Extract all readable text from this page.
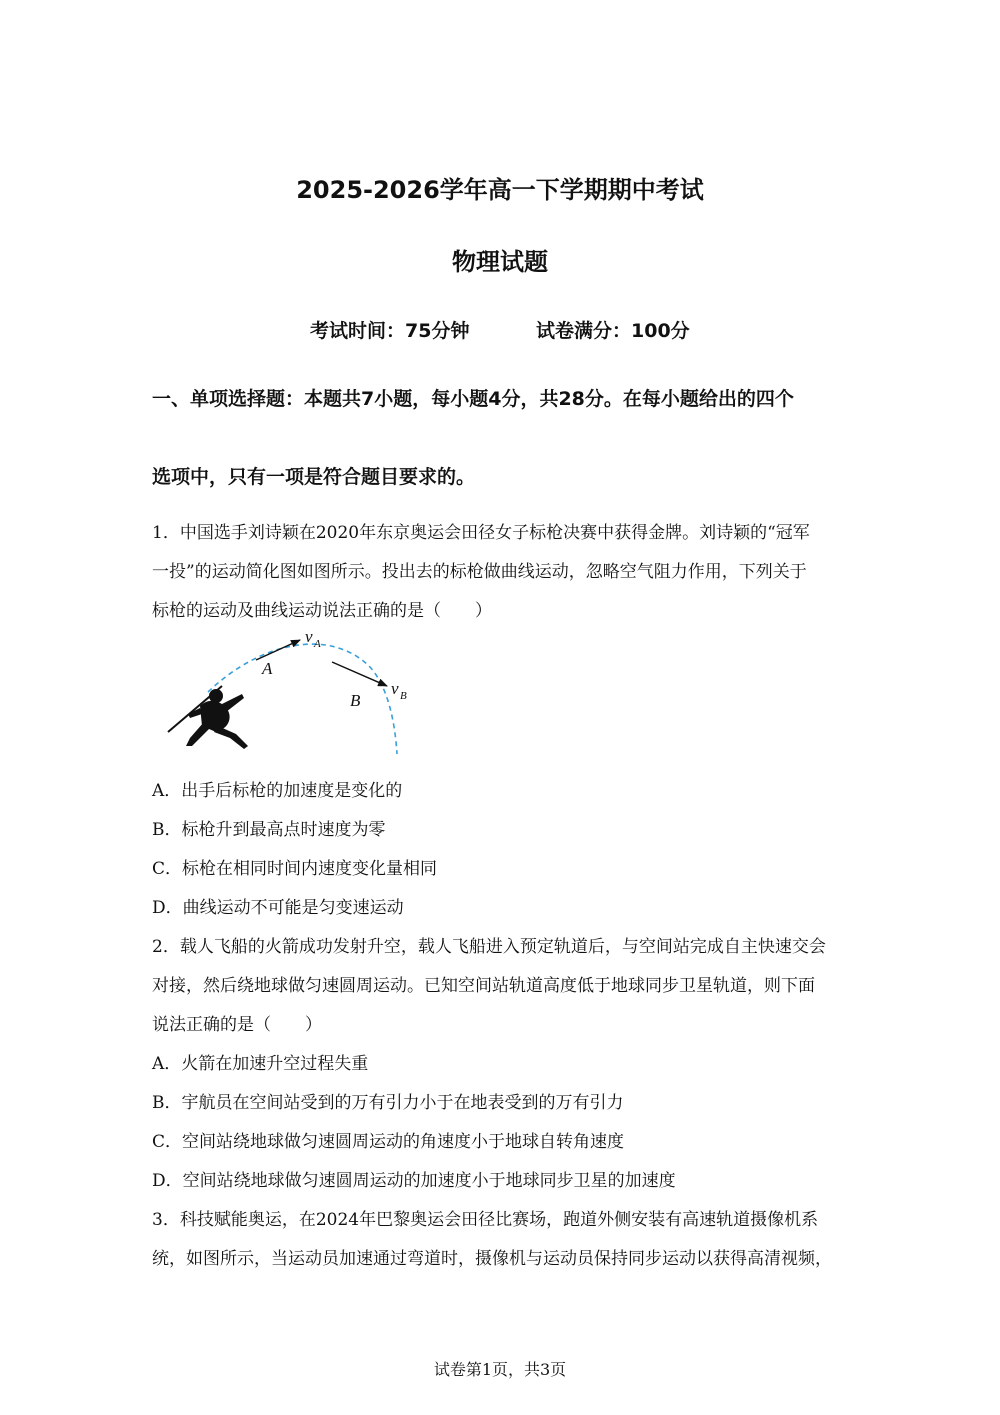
2025-2026学年高一下学期期中考试
物理试题
考试时间：75分钟	试卷满分：100分
一、单项选择题：本题共7小题，每小题4分，共28分。在每小题给出的四个
选项中，只有一项是符合题目要求的。
1．中国选手刘诗颖在2020年东京奥运会田径女子标枪决赛中获得金牌。刘诗颖的“冠军
一投”的运动简化图如图所示。投出去的标枪做曲线运动，忽略空气阻力作用，下列关于
标枪的运动及曲线运动说法正确的是（　　）
A
B
v A
v B
A．出手后标枪的加速度是变化的
B．标枪升到最高点时速度为零
C．标枪在相同时间内速度变化量相同
D．曲线运动不可能是匀变速运动
2．载人飞船的火箭成功发射升空，载人飞船进入预定轨道后，与空间站完成自主快速交会
对接，然后绕地球做匀速圆周运动。已知空间站轨道高度低于地球同步卫星轨道，则下面
说法正确的是（　　）
A．火箭在加速升空过程失重
B．宇航员在空间站受到的万有引力小于在地表受到的万有引力
C．空间站绕地球做匀速圆周运动的角速度小于地球自转角速度
D．空间站绕地球做匀速圆周运动的加速度小于地球同步卫星的加速度
3．科技赋能奥运，在2024年巴黎奥运会田径比赛场，跑道外侧安装有高速轨道摄像机系
统，如图所示，当运动员加速通过弯道时，摄像机与运动员保持同步运动以获得高清视频，
试卷第1页，共3页
